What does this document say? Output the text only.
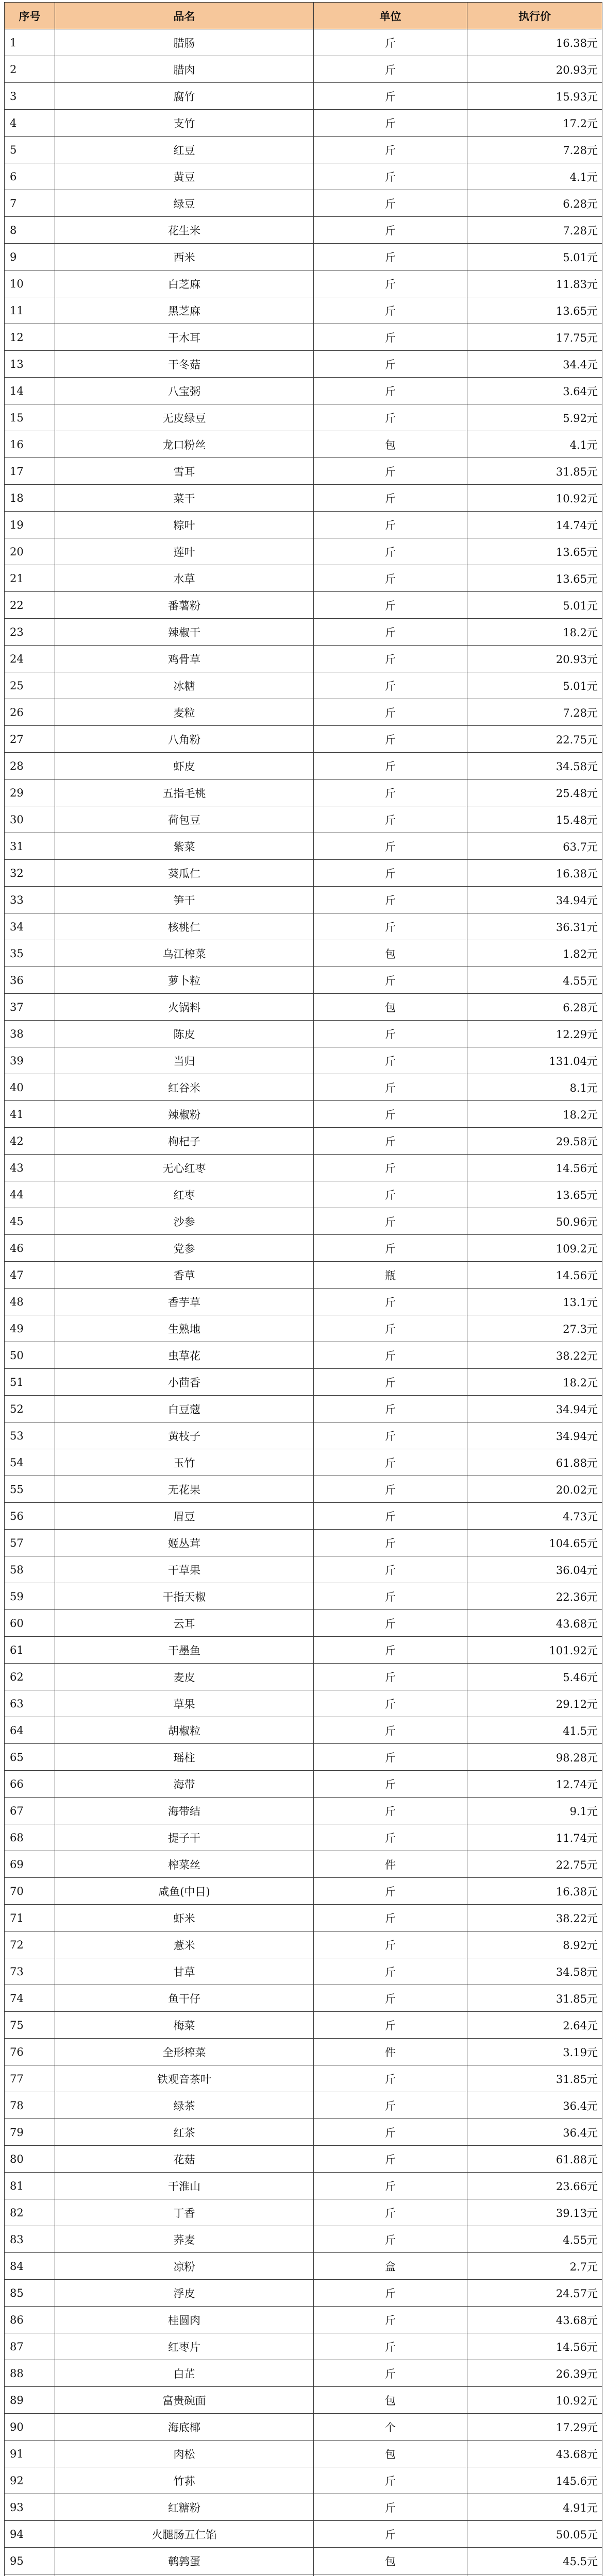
序号	品名	单位	执行价
1	腊肠	斤	16.38元
2	腊肉	斤	20.93元
3	腐竹	斤	15.93元
4	支竹	斤	17.2元
5	红豆	斤	7.28元
6	黄豆	斤	4.1元
7	绿豆	斤	6.28元
8	花生米	斤	7.28元
9	西米	斤	5.01元
10	白芝麻	斤	11.83元
11	黑芝麻	斤	13.65元
12	干木耳	斤	17.75元
13	干冬菇	斤	34.4元
14	八宝粥	斤	3.64元
15	无皮绿豆	斤	5.92元
16	龙口粉丝	包	4.1元
17	雪耳	斤	31.85元
18	菜干	斤	10.92元
19	粽叶	斤	14.74元
20	莲叶	斤	13.65元
21	水草	斤	13.65元
22	番薯粉	斤	5.01元
23	辣椒干	斤	18.2元
24	鸡骨草	斤	20.93元
25	冰糖	斤	5.01元
26	麦粒	斤	7.28元
27	八角粉	斤	22.75元
28	虾皮	斤	34.58元
29	五指毛桃	斤	25.48元
30	荷包豆	斤	15.48元
31	紫菜	斤	63.7元
32	葵瓜仁	斤	16.38元
33	笋干	斤	34.94元
34	核桃仁	斤	36.31元
35	乌江榨菜	包	1.82元
36	萝卜粒	斤	4.55元
37	火锅料	包	6.28元
38	陈皮	斤	12.29元
39	当归	斤	131.04元
40	红谷米	斤	8.1元
41	辣椒粉	斤	18.2元
42	枸杞子	斤	29.58元
43	无心红枣	斤	14.56元
44	红枣	斤	13.65元
45	沙参	斤	50.96元
46	党参	斤	109.2元
47	香草	瓶	14.56元
48	香芋草	斤	13.1元
49	生熟地	斤	27.3元
50	虫草花	斤	38.22元
51	小茴香	斤	18.2元
52	白豆蔻	斤	34.94元
53	黄枝子	斤	34.94元
54	玉竹	斤	61.88元
55	无花果	斤	20.02元
56	眉豆	斤	4.73元
57	姬丛茸	斤	104.65元
58	干草果	斤	36.04元
59	干指天椒	斤	22.36元
60	云耳	斤	43.68元
61	干墨鱼	斤	101.92元
62	麦皮	斤	5.46元
63	草果	斤	29.12元
64	胡椒粒	斤	41.5元
65	瑶柱	斤	98.28元
66	海带	斤	12.74元
67	海带结	斤	9.1元
68	提子干	斤	11.74元
69	榨菜丝	件	22.75元
70	咸鱼(中目)	斤	16.38元
71	虾米	斤	38.22元
72	薏米	斤	8.92元
73	甘草	斤	34.58元
74	鱼干仔	斤	31.85元
75	梅菜	斤	2.64元
76	全形榨菜	件	3.19元
77	铁观音茶叶	斤	31.85元
78	绿茶	斤	36.4元
79	红茶	斤	36.4元
80	花菇	斤	61.88元
81	干淮山	斤	23.66元
82	丁香	斤	39.13元
83	荞麦	斤	4.55元
84	凉粉	盒	2.7元
85	浮皮	斤	24.57元
86	桂圆肉	斤	43.68元
87	红枣片	斤	14.56元
88	白芷	斤	26.39元
89	富贵碗面	包	10.92元
90	海底椰	个	17.29元
91	肉松	包	43.68元
92	竹荪	斤	145.6元
93	红糖粉	斤	4.91元
94	火腿肠五仁馅	斤	50.05元
95	鹌鹑蛋	包	45.5元
